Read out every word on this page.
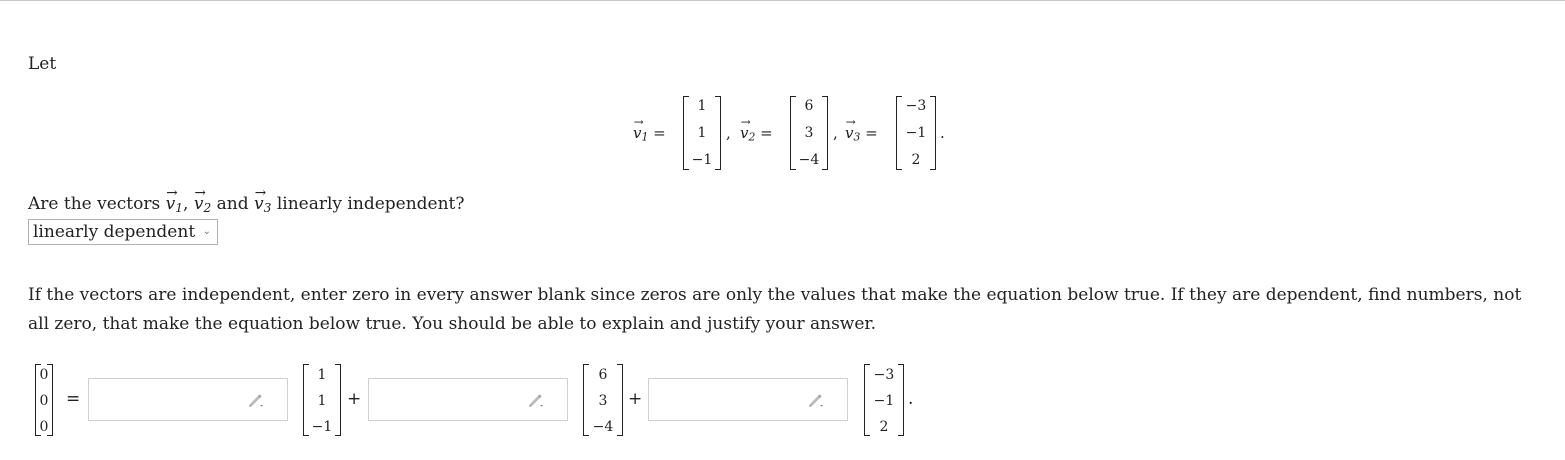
Let
→ $v_1$ =
1
1
−1
, → $v_2$ =
6
3
−4
, → $v_3$ =
−3
−1
2
.
Are the vectors → $v_1$, → $v_2$ and → $v_3$ linearly independent?
linearly dependent ⌄
If the vectors are independent, enter zero in every answer blank since zeros are only the values that make the equation below true. If they are dependent, find numbers, not all zero, that make the equation below true. You should be able to explain and justify your answer.
0
0
0
=
1
1
−1
+
6
3
−4
+
−3
−1
2
.
